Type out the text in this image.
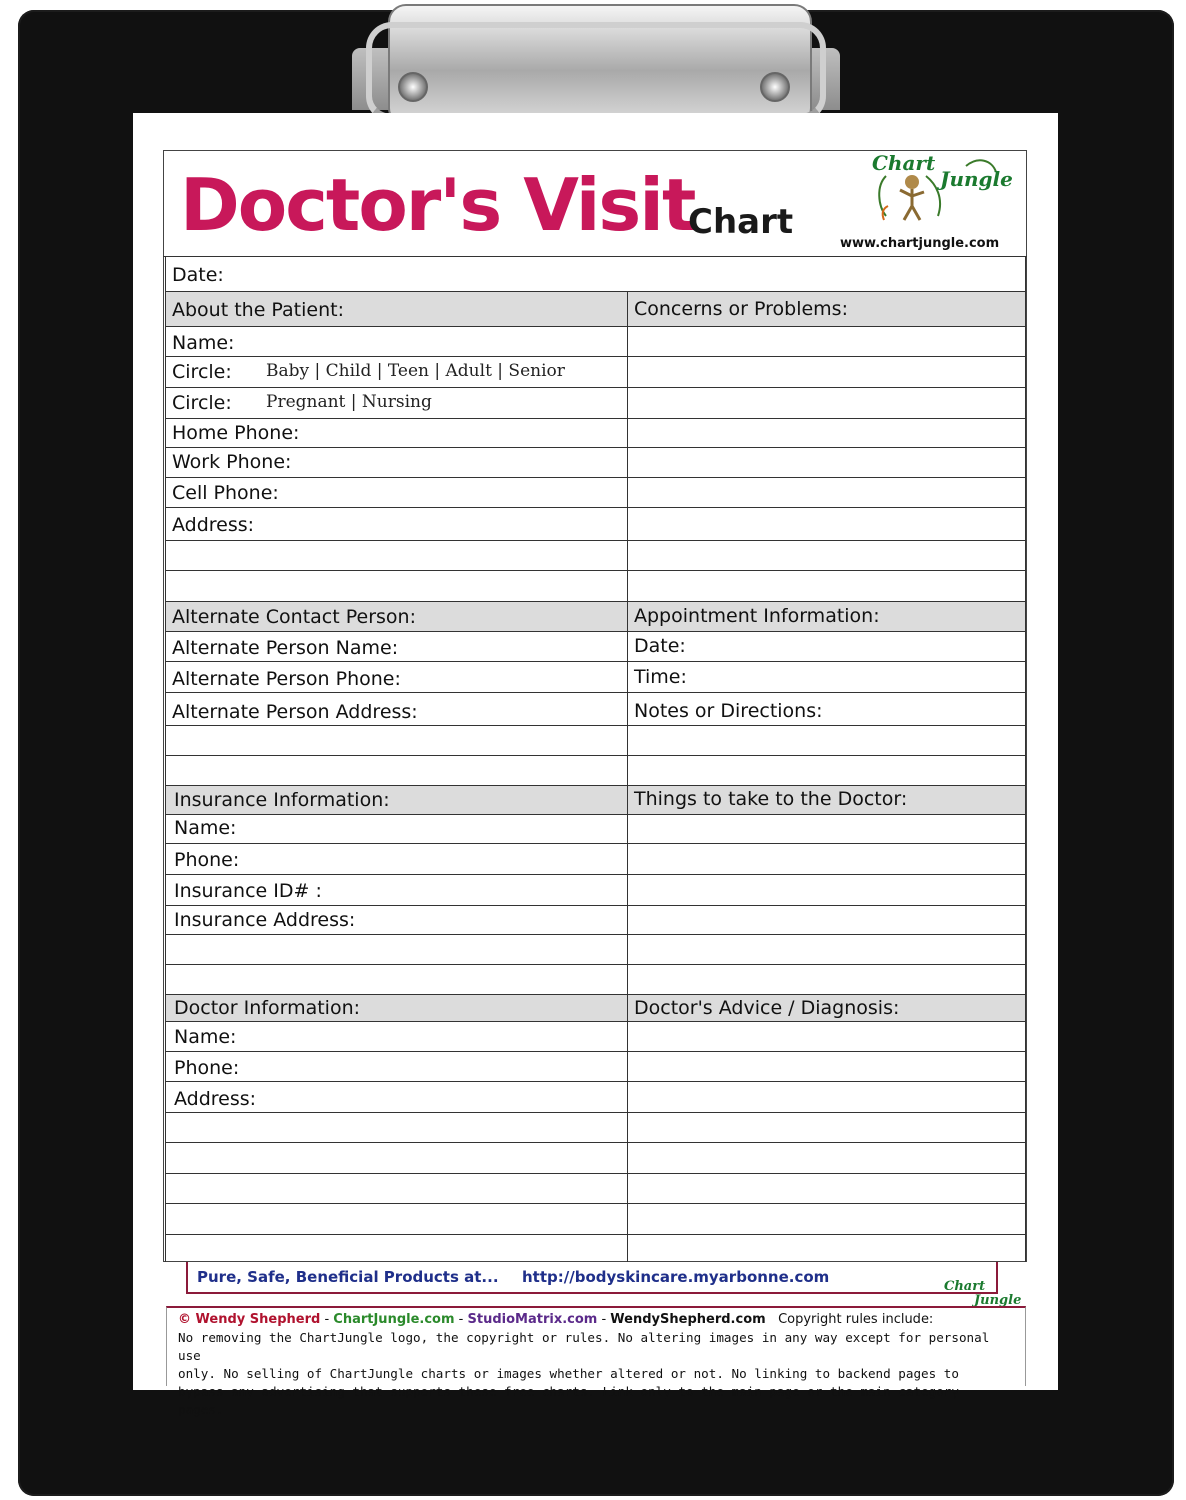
Doctor's Visit
Chart
Chart
Jungle
www.chartjungle.com
Date:
About the Patient:
Name:
Circle: Baby | Child | Teen | Adult | Senior
Circle: Pregnant | Nursing
Home Phone:
Work Phone:
Cell Phone:
Address:
Alternate Contact Person:
Alternate Person Name:
Alternate Person Phone:
Alternate Person Address:
Insurance Information:
Name:
Phone:
Insurance ID# :
Insurance Address:
Doctor Information:
Name:
Phone:
Address:
Concerns or Problems:
Appointment Information:
Date:
Time:
Notes or Directions:
Things to take to the Doctor:
Doctor's Advice / Diagnosis:
Pure, Safe, Beneficial Products at... http://bodyskincare.myarbonne.com
Chart
Jungle
© Wendy Shepherd - ChartJungle.com - StudioMatrix.com - WendyShepherd.com   Copyright rules include:
No removing the ChartJungle logo, the copyright or rules. No altering images in any way except for personal use
only. No selling of ChartJungle charts or images whether altered or not. No linking to backend pages to
bypass any advertising that supports these free charts. Link only to the main page or the main category pages.
